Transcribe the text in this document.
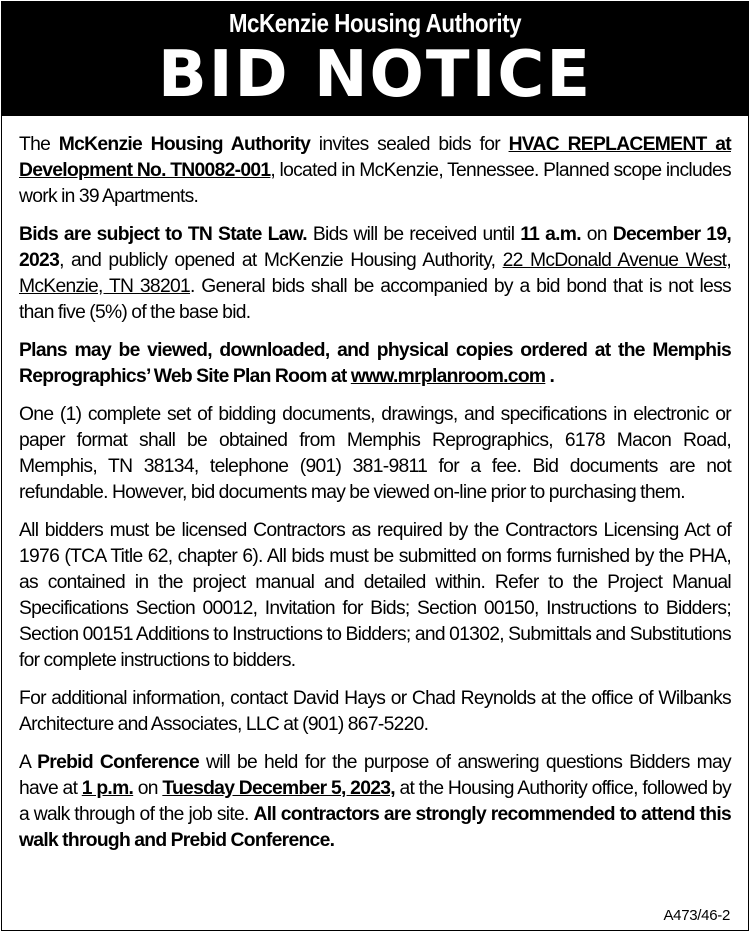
McKenzie Housing Authority
BID NOTICE

The McKenzie Housing Authority invites sealed bids for HVAC REPLACEMENT at Development No. TN0082-001, located in McKenzie, Tennessee. Planned scope includes work in 39 Apartments.

Bids are subject to TN State Law. Bids will be received until 11 a.m. on December 19, 2023, and publicly opened at McKenzie Housing Authority, 22 McDonald Avenue West, McKenzie, TN 38201. General bids shall be accompanied by a bid bond that is not less than five (5%) of the base bid.

Plans may be viewed, downloaded, and physical copies ordered at the Memphis Reprographics’ Web Site Plan Room at www.mrplanroom.com .

One (1) complete set of bidding documents, drawings, and specifications in electronic or paper format shall be obtained from Memphis Reprographics, 6178 Macon Road, Memphis, TN 38134, telephone (901) 381-9811 for a fee. Bid documents are not refundable. However, bid documents may be viewed on-line prior to purchasing them.

All bidders must be licensed Contractors as required by the Contractors Licensing Act of 1976 (TCA Title 62, chapter 6). All bids must be submitted on forms furnished by the PHA, as contained in the project manual and detailed within. Refer to the Project Manual Specifications Section 00012, Invitation for Bids; Section 00150, Instructions to Bidders; Section 00151 Additions to Instructions to Bidders; and 01302, Submittals and Substitutions for complete instructions to bidders.

For additional information, contact David Hays or Chad Reynolds at the office of Wilbanks Architecture and Associates, LLC at (901) 867-5220.

A Prebid Conference will be held for the purpose of answering questions Bidders may have at 1 p.m. on Tuesday December 5, 2023, at the Housing Authority office, followed by a walk through of the job site. All contractors are strongly recommended to attend this walk through and Prebid Conference.

A473/46-2
